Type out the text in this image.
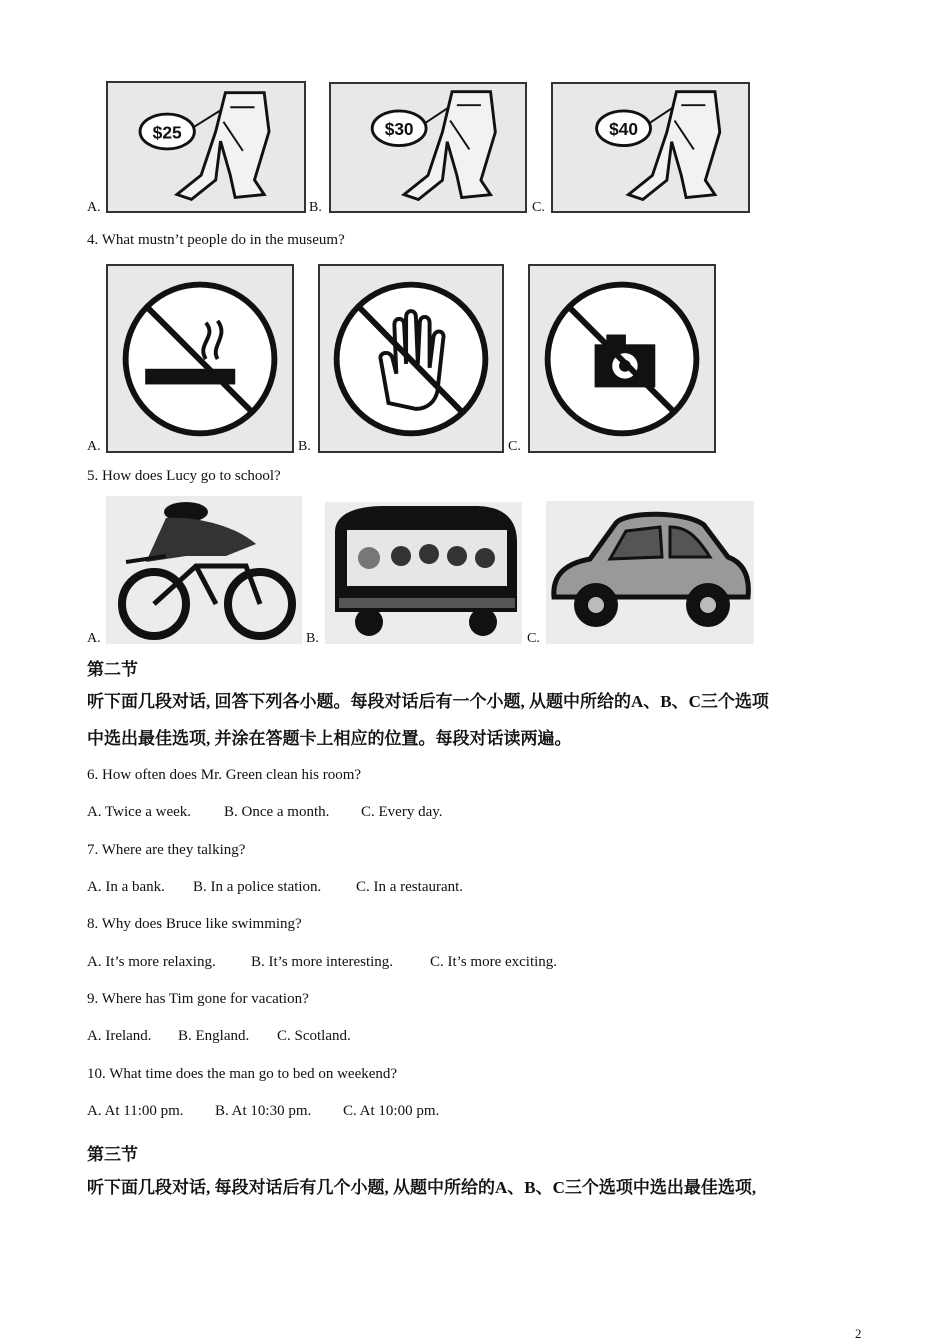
A.
$25
B.
$30
C.
$40
4. What mustn’t people do in the museum?
A.	B.	C.
5. How does Lucy go to school?
A.	B.	C.
第二节
听下面几段对话, 回答下列各小题。每段对话后有一个小题, 从题中所给的A、B、C三个选项
中选出最佳选项, 并涂在答题卡上相应的位置。每段对话读两遍。
6. How often does Mr. Green clean his room?
A. Twice a week. B. Once a month. C. Every day.
7. Where are they talking?
A. In a bank. B. In a police station. C. In a restaurant.
8. Why does Bruce like swimming?
A. It’s more relaxing. B. It’s more interesting. C. It’s more exciting.
9. Where has Tim gone for vacation?
A. Ireland. B. England. C. Scotland.
10. What time does the man go to bed on weekend?
A. At 11:00 pm. B. At 10:30 pm. C. At 10:00 pm.
第三节
听下面几段对话, 每段对话后有几个小题, 从题中所给的A、B、C三个选项中选出最佳选项,
2
